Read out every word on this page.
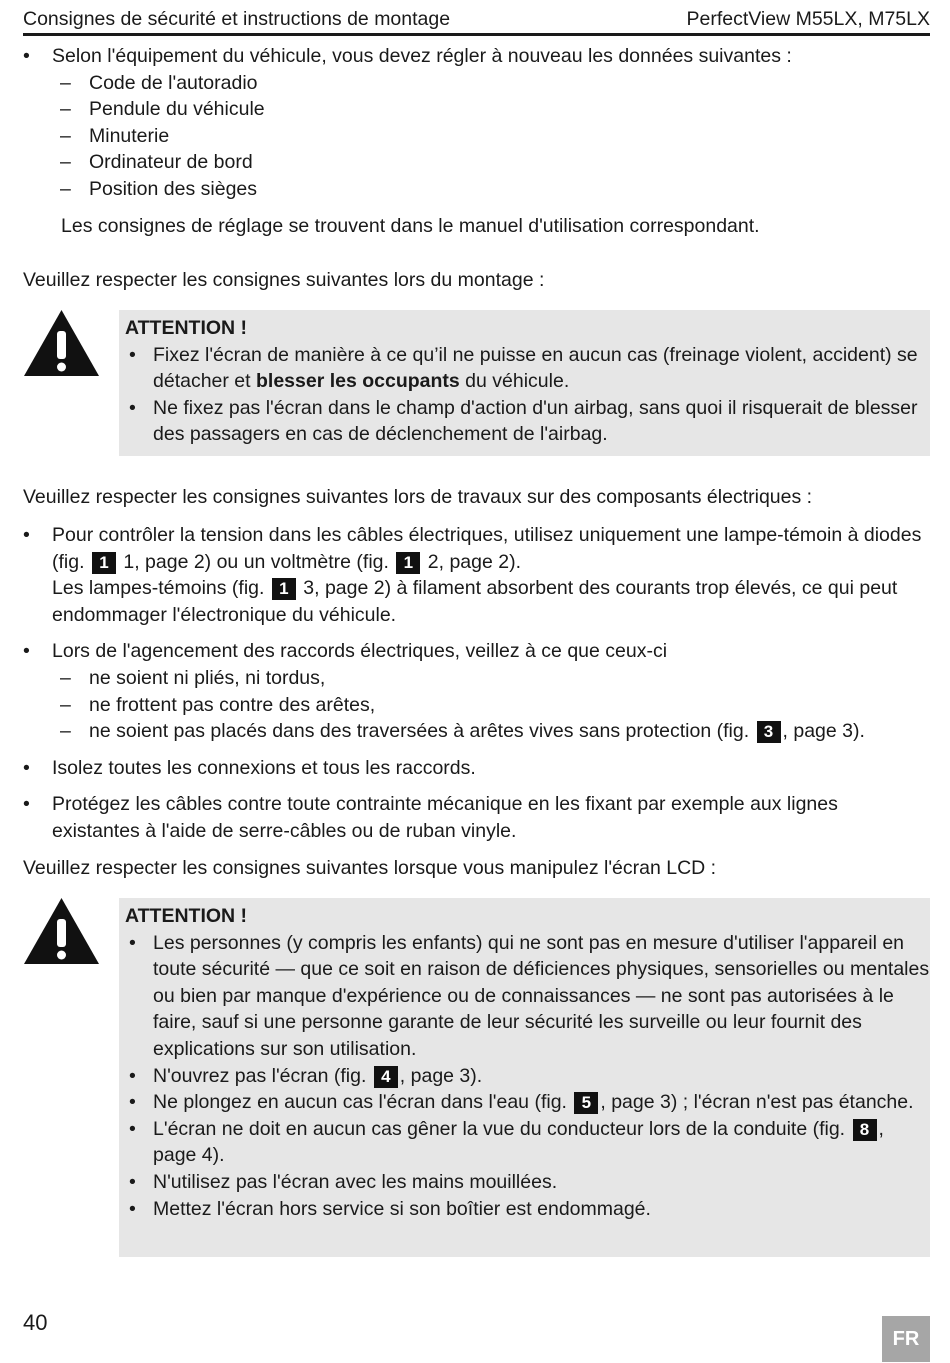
Consignes de sécurité et instructions de montage	PerfectView M55LX, M75LX
• Selon l'équipement du véhicule, vous devez régler à nouveau les données suivantes :
– Code de l'autoradio
– Pendule du véhicule
– Minuterie
– Ordinateur de bord
– Position des sièges
Les consignes de réglage se trouvent dans le manuel d'utilisation correspondant.
Veuillez respecter les consignes suivantes lors du montage :
ATTENTION !
• Fixez l'écran de manière à ce qu’il ne puisse en aucun cas (freinage violent, accident) se détacher et blesser les occupants du véhicule.
• Ne fixez pas l'écran dans le champ d'action d'un airbag, sans quoi il risquerait de blesser des passagers en cas de déclenchement de l'airbag.
Veuillez respecter les consignes suivantes lors de travaux sur des composants électriques :
• Pour contrôler la tension dans les câbles électriques, utilisez uniquement une lampe-témoin à diodes (fig. 1 1, page 2) ou un voltmètre (fig. 1 2, page 2).
Les lampes-témoins (fig. 1 3, page 2) à filament absorbent des courants trop élevés, ce qui peut endommager l'électronique du véhicule.
• Lors de l'agencement des raccords électriques, veillez à ce que ceux-ci
– ne soient ni pliés, ni tordus,
– ne frottent pas contre des arêtes,
– ne soient pas placés dans des traversées à arêtes vives sans protection (fig. 3 , page 3).
• Isolez toutes les connexions et tous les raccords.
• Protégez les câbles contre toute contrainte mécanique en les fixant par exemple aux lignes existantes à l'aide de serre-câbles ou de ruban vinyle.
Veuillez respecter les consignes suivantes lorsque vous manipulez l'écran LCD :
ATTENTION !
• Les personnes (y compris les enfants) qui ne sont pas en mesure d'utiliser l'appareil en toute sécurité — que ce soit en raison de déficiences physiques, sensorielles ou mentales ou bien par manque d'expérience ou de connaissances — ne sont pas autorisées à le faire, sauf si une personne garante de leur sécurité les surveille ou leur fournit des explications sur son utilisation.
• N'ouvrez pas l'écran (fig. 4 , page 3).
• Ne plongez en aucun cas l'écran dans l'eau (fig. 5 , page 3) ; l'écran n'est pas étanche.
• L'écran ne doit en aucun cas gêner la vue du conducteur lors de la conduite (fig. 8 , page 4).
• N'utilisez pas l'écran avec les mains mouillées.
• Mettez l'écran hors service si son boîtier est endommagé.
40
FR
